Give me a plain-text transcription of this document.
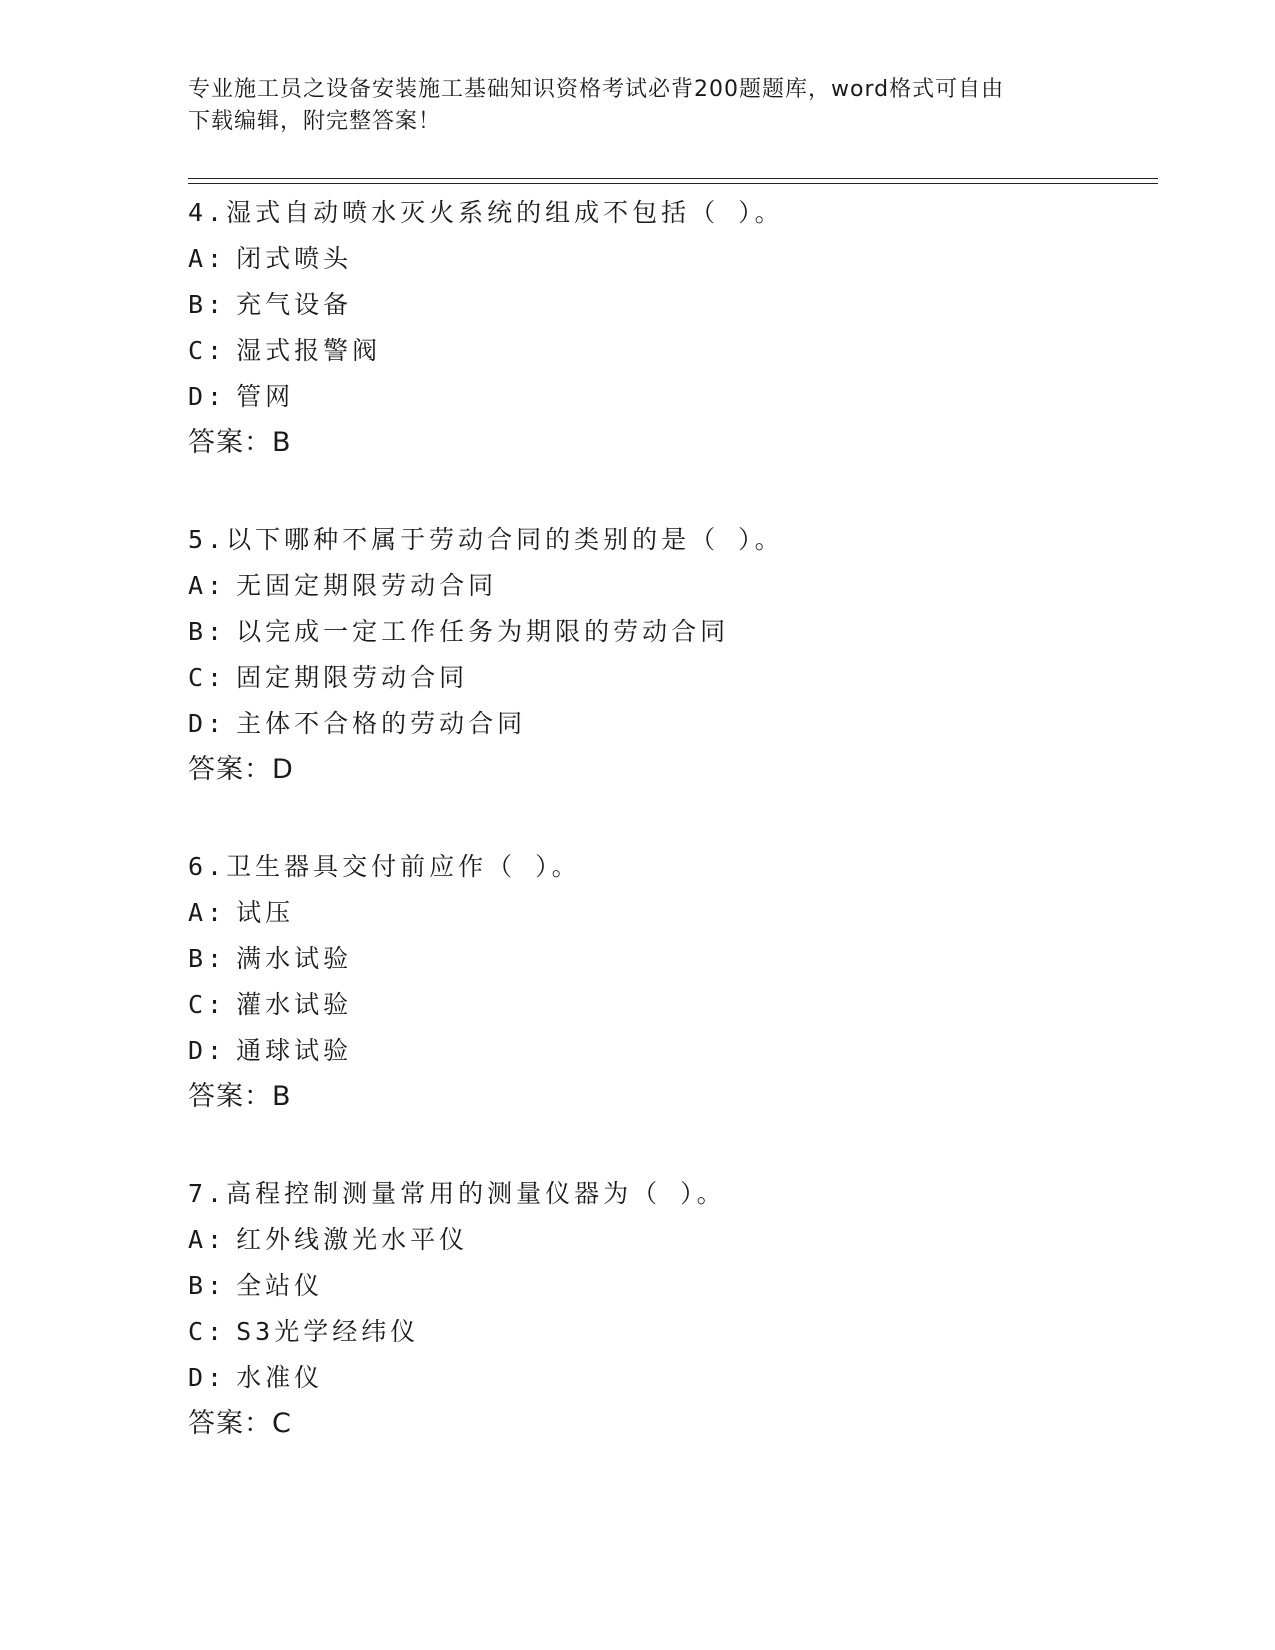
专业施工员之设备安装施工基础知识资格考试必背200题题库，word格式可自由
下载编辑，附完整答案！
4.湿式自动喷水灭火系统的组成不包括（ ）。
A: 闭式喷头
B: 充气设备
C: 湿式报警阀
D: 管网
答案：B
5.以下哪种不属于劳动合同的类别的是（ ）。
A: 无固定期限劳动合同
B: 以完成一定工作任务为期限的劳动合同
C: 固定期限劳动合同
D: 主体不合格的劳动合同
答案：D
6.卫生器具交付前应作（ ）。
A: 试压
B: 满水试验
C: 灌水试验
D: 通球试验
答案：B
7.高程控制测量常用的测量仪器为（ ）。
A: 红外线激光水平仪
B: 全站仪
C: S3光学经纬仪
D: 水准仪
答案：C
